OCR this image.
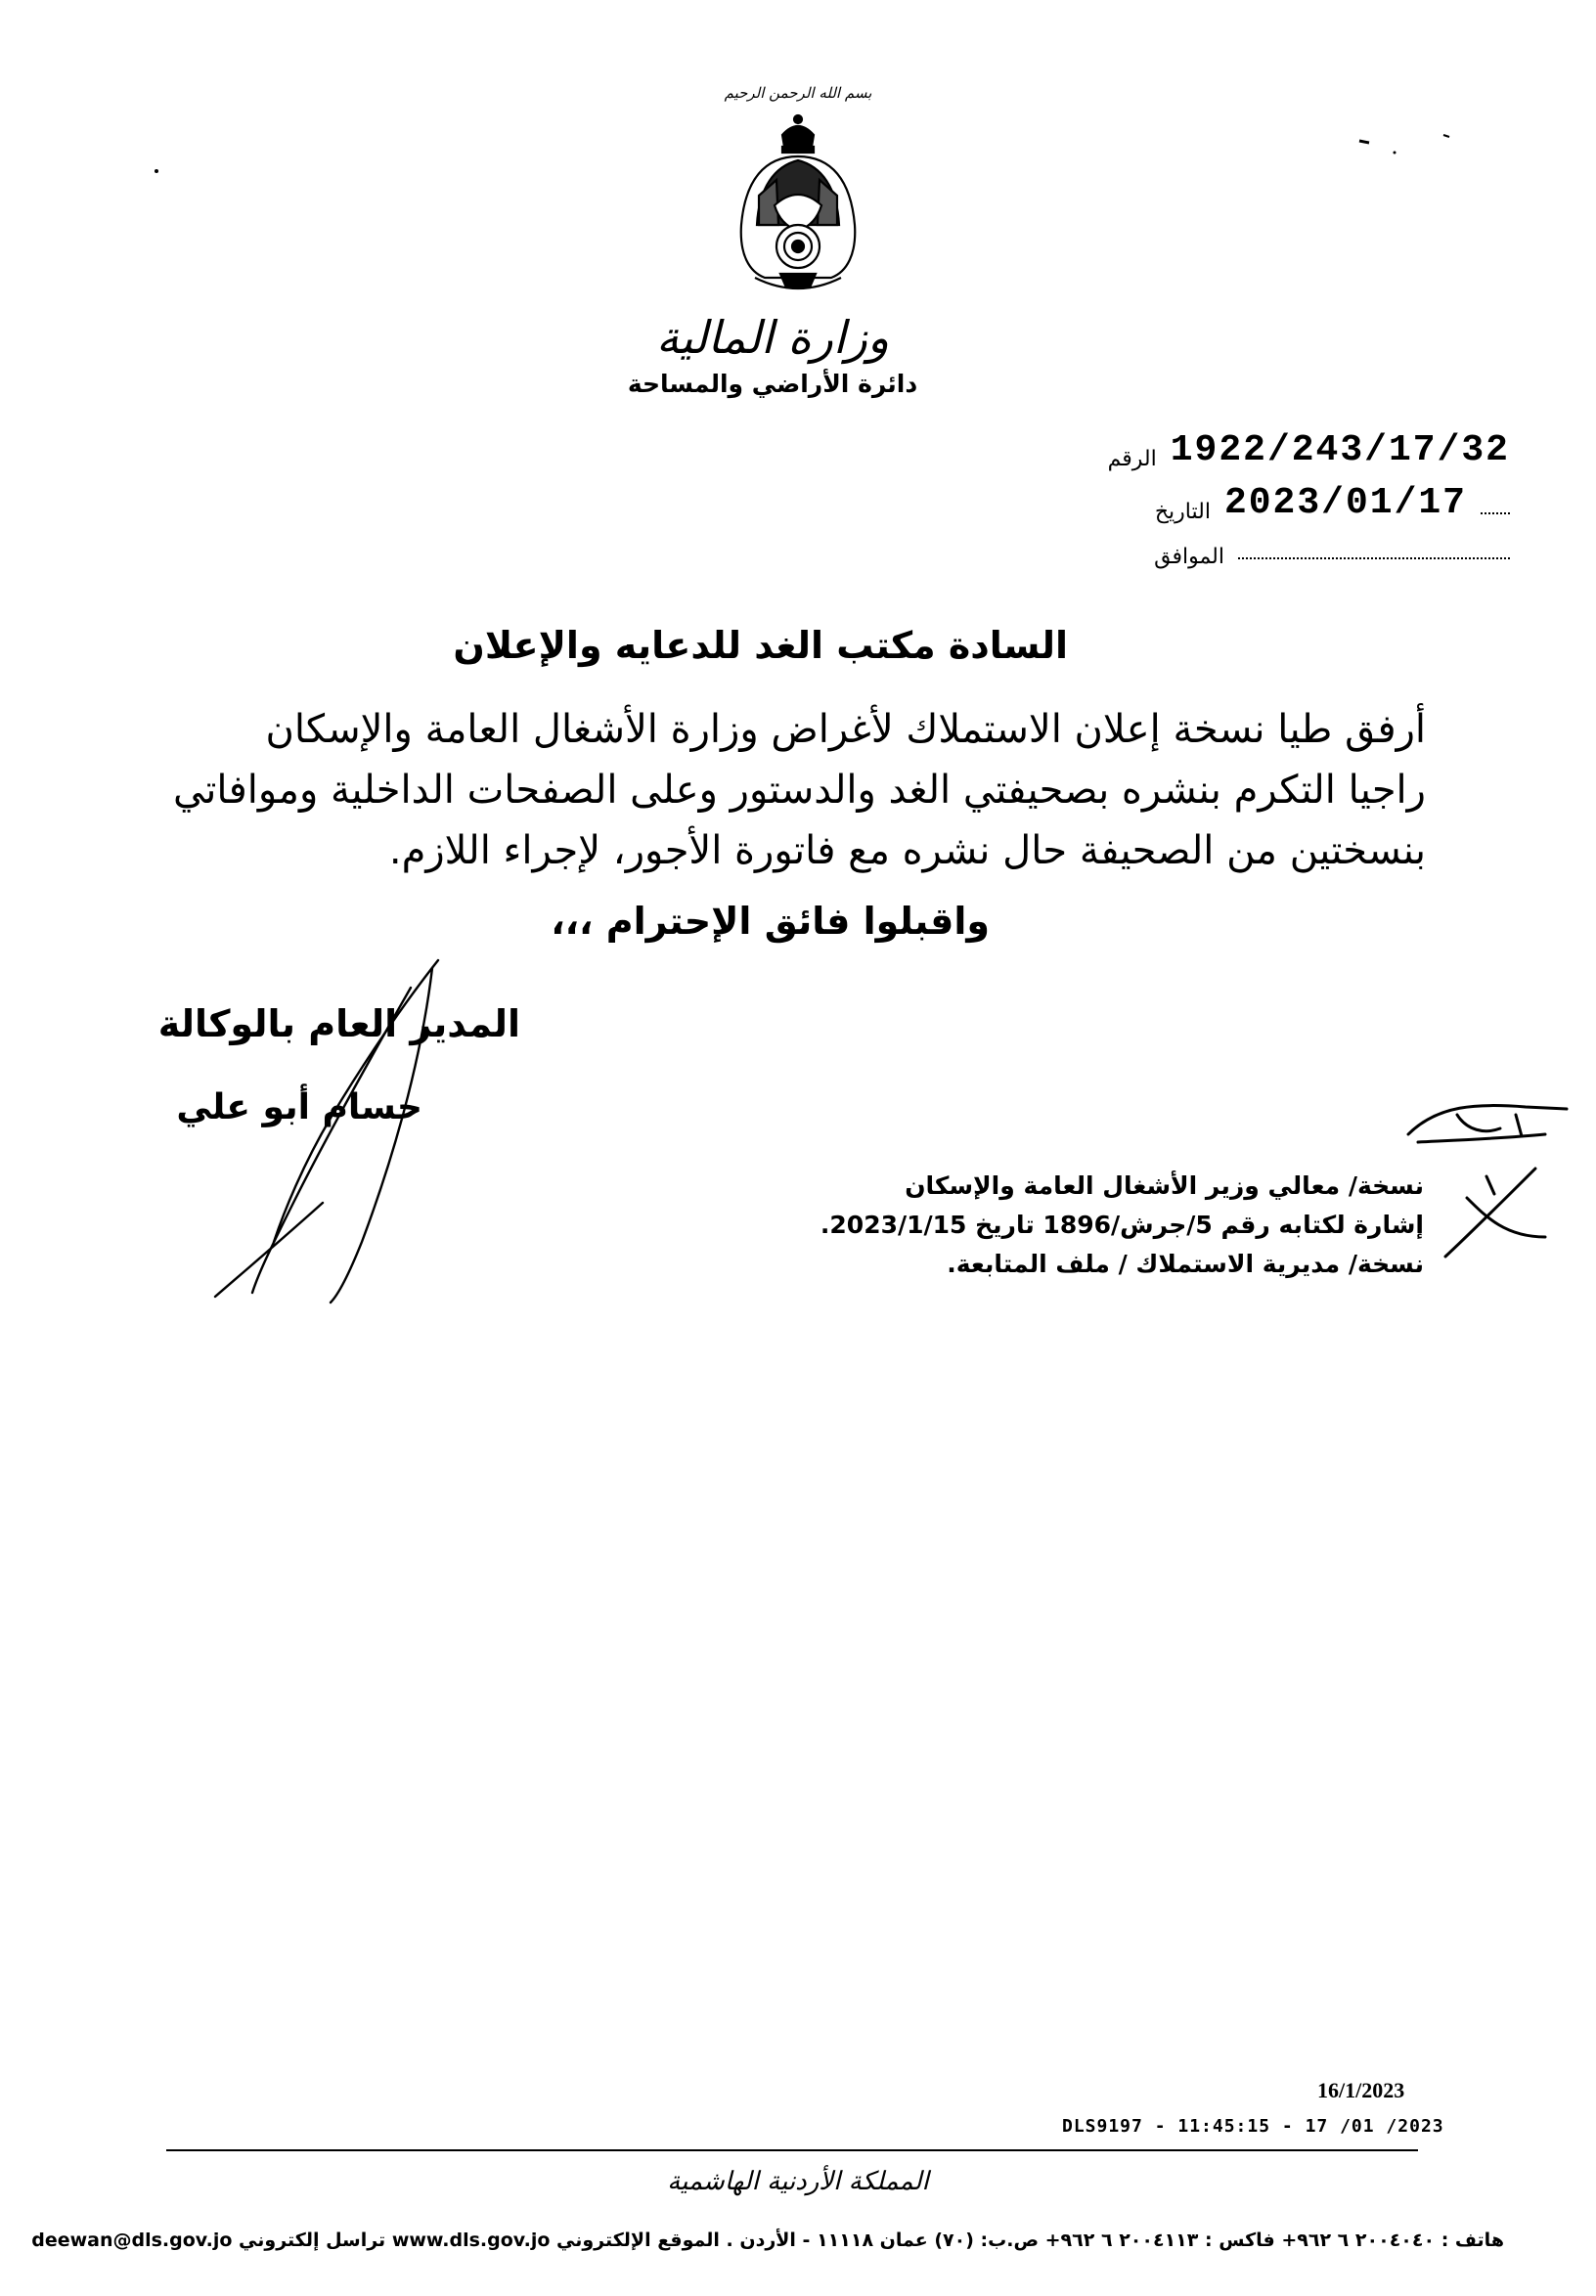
بسم الله الرحمن الرحيم
وزارة المالية
دائرة الأراضي والمساحة
الرقم 1922/243/17/32
التاريخ 2023/01/17
الموافق
السادة مكتب الغد للدعايه والإعلان

أرفق طيا نسخة إعلان الاستملاك لأغراض وزارة الأشغال العامة والإسكان

راجيا التكرم بنشره بصحيفتي الغد والدستور وعلى الصفحات الداخلية وموافاتي

بنسختين من الصحيفة حال نشره مع فاتورة الأجور، لإجراء اللازم.

واقبلوا فائق الإحترام ،،،
المدير العام بالوكالة
حسام أبو علي
نسخة/ معالي وزير الأشغال العامة والإسكان
إشارة لكتابه رقم 5/جرش/1896 تاريخ 2023/1/15.
نسخة/ مديرية الاستملاك / ملف المتابعة.
16/1/2023
DLS9197 - 11:45:15 - 17 /01 /2023
المملكة الأردنية الهاشمية
هاتف : ٢٠٠٤٠٤٠ ٦ ٩٦٢+ فاكس : ٢٠٠٤١١٣ ٦ ٩٦٢+ ص.ب: (٧٠) عمان ١١١١٨ - الأردن . الموقع الإلكتروني www.dls.gov.jo تراسل إلكتروني deewan@dls.gov.jo
